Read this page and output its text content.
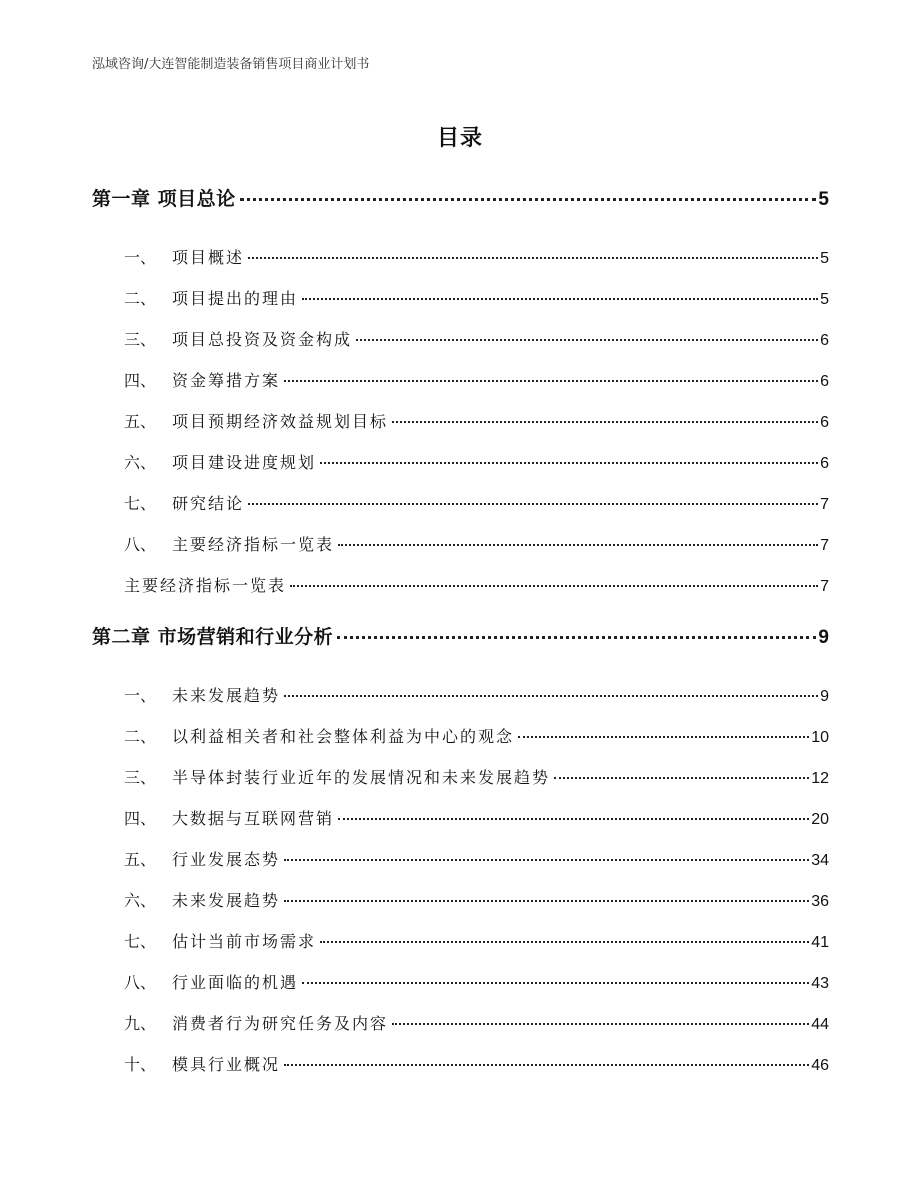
泓域咨询/大连智能制造装备销售项目商业计划书
目录
第一章 项目总论	5
一、 项目概述	5
二、 项目提出的理由	5
三、 项目总投资及资金构成	6
四、 资金筹措方案	6
五、 项目预期经济效益规划目标	6
六、 项目建设进度规划	6
七、 研究结论	7
八、 主要经济指标一览表	7
主要经济指标一览表	7
第二章 市场营销和行业分析	9
一、 未来发展趋势	9
二、 以利益相关者和社会整体利益为中心的观念	10
三、 半导体封装行业近年的发展情况和未来发展趋势	12
四、 大数据与互联网营销	20
五、 行业发展态势	34
六、 未来发展趋势	36
七、 估计当前市场需求	41
八、 行业面临的机遇	43
九、 消费者行为研究任务及内容	44
十、 模具行业概况	46
